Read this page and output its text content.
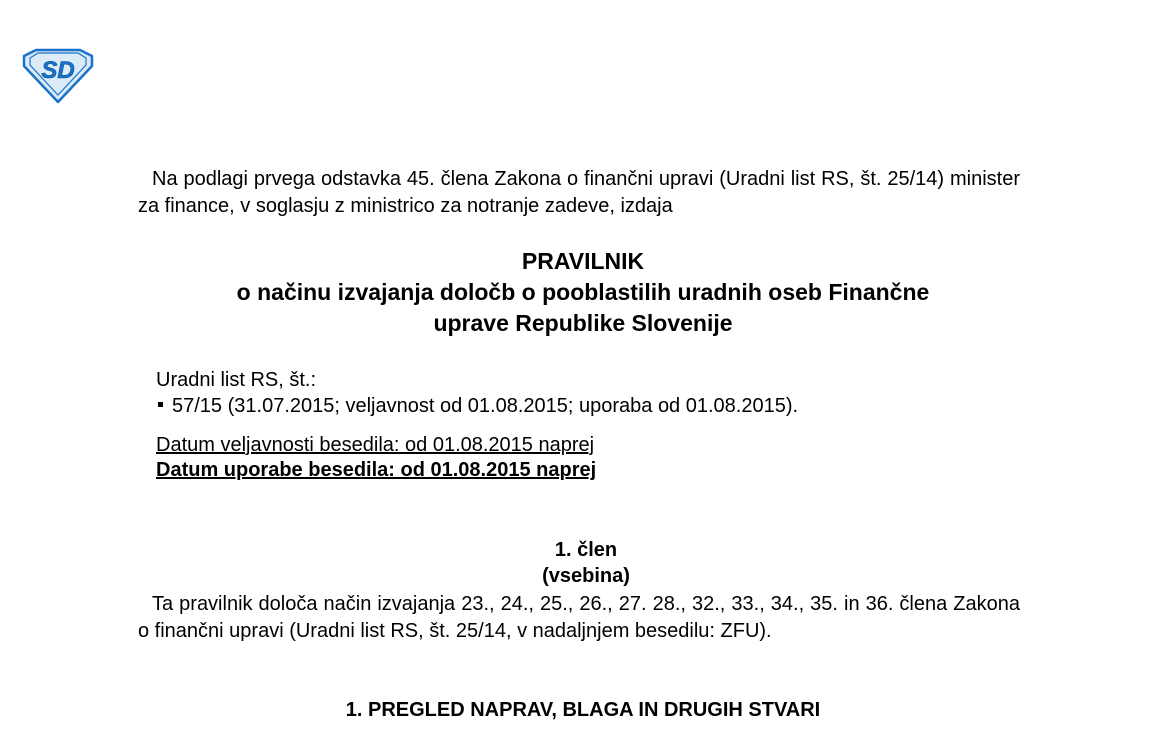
SD

Na podlagi prvega odstavka 45. člena Zakona o finančni upravi (Uradni list RS, št. 25/14) minister za finance, v soglasju z ministrico za notranje zadeve, izdaja

PRAVILNIK
o načinu izvajanja določb o pooblastilih uradnih oseb Finančne
uprave Republike Slovenije
Uradni list RS, št.:
57/15 (31.07.2015; veljavnost od 01.08.2015; uporaba od 01.08.2015).
Datum veljavnosti besedila: od 01.08.2015 naprej
Datum uporabe besedila: od 01.08.2015 naprej
1. člen
(vsebina)

Ta pravilnik določa način izvajanja 23., 24., 25., 26., 27. 28., 32., 33., 34., 35. in 36. člena Zakona o finančni upravi (Uradni list RS, št. 25/14, v nadaljnjem besedilu: ZFU).

1. PREGLED NAPRAV, BLAGA IN DRUGIH STVARI
